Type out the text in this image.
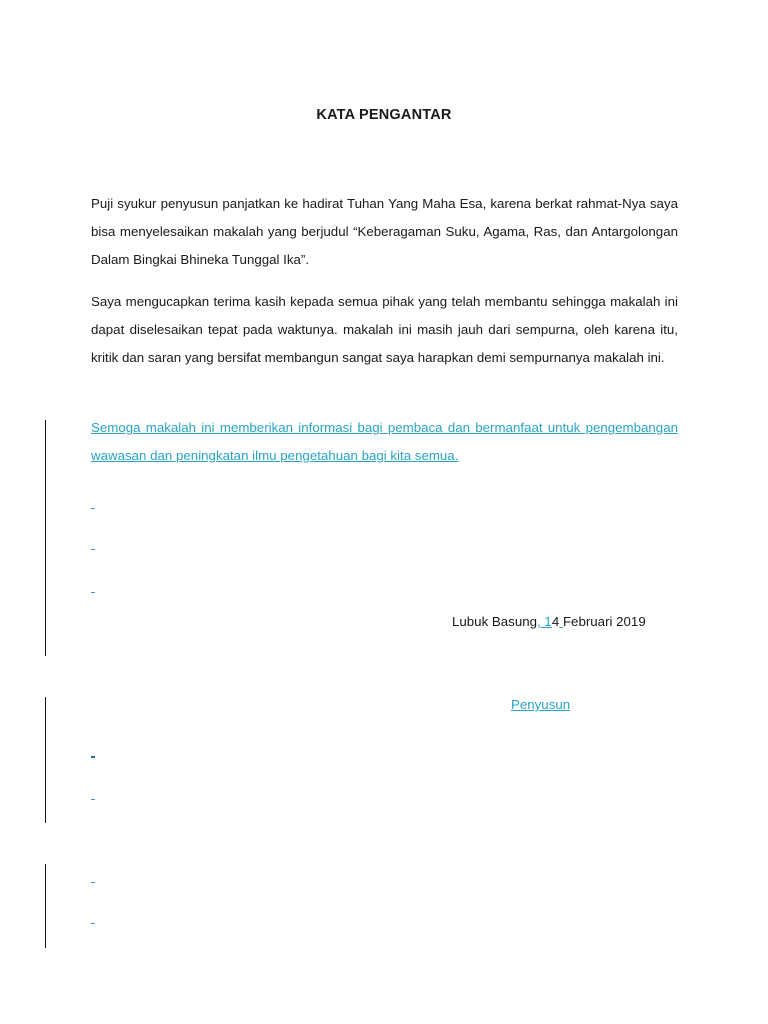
KATA PENGANTAR
Puji syukur penyusun panjatkan ke hadirat Tuhan Yang Maha Esa, karena berkat rahmat-Nya saya bisa menyelesaikan makalah yang berjudul “Keberagaman Suku, Agama, Ras, dan Antargolongan Dalam Bingkai Bhineka Tunggal Ika”.
Saya mengucapkan terima kasih kepada semua pihak yang telah membantu sehingga makalah ini dapat diselesaikan tepat pada waktunya. makalah ini masih jauh dari sempurna, oleh karena itu, kritik dan saran yang bersifat membangun sangat saya harapkan demi sempurnanya makalah ini.
Semoga makalah ini memberikan informasi bagi pembaca dan bermanfaat untuk pengembangan wawasan dan peningkatan ilmu pengetahuan bagi kita semua.
Lubuk Basung, 14 Februari 2019
Penyusun
